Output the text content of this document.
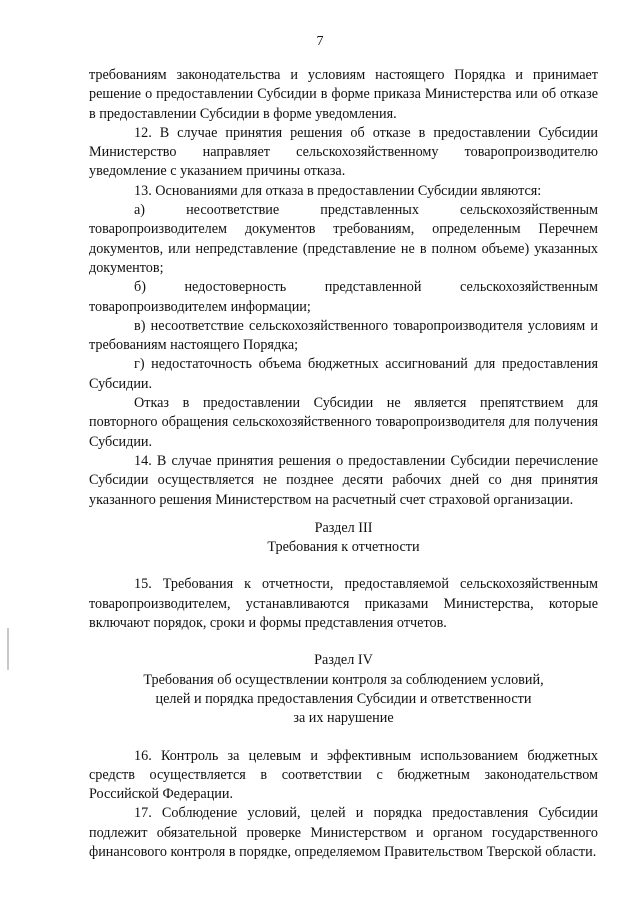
7

требованиям законодательства и условиям настоящего Порядка и принимает решение о предоставлении Субсидии в форме приказа Министерства или об отказе в предоставлении Субсидии в форме уведомления.

12. В случае принятия решения об отказе в предоставлении Субсидии Министерство направляет сельскохозяйственному товаропроизводителю уведомление с указанием причины отказа.

13. Основаниями для отказа в предоставлении Субсидии являются:

а) несоответствие представленных сельскохозяйственным товаропроизводителем документов требованиям, определенным Перечнем документов, или непредставление (представление не в полном объеме) указанных документов;

б) недостоверность представленной сельскохозяйственным товаропроизводителем информации;

в) несоответствие сельскохозяйственного товаропроизводителя условиям и требованиям настоящего Порядка;

г) недостаточность объема бюджетных ассигнований для предоставления Субсидии.

Отказ в предоставлении Субсидии не является препятствием для повторного обращения сельскохозяйственного товаропроизводителя для получения Субсидии.

14. В случае принятия решения о предоставлении Субсидии перечисление Субсидии осуществляется не позднее десяти рабочих дней со дня принятия указанного решения Министерством на расчетный счет страховой организации.

Раздел III

Требования к отчетности

15. Требования к отчетности, предоставляемой сельскохозяйственным товаропроизводителем, устанавливаются приказами Министерства, которые включают порядок, сроки и формы представления отчетов.

Раздел IV

Требования об осуществлении контроля за соблюдением условий,

целей и порядка предоставления Субсидии и ответственности

за их нарушение

16. Контроль за целевым и эффективным использованием бюджетных средств осуществляется в соответствии с бюджетным законодательством Российской Федерации.

17. Соблюдение условий, целей и порядка предоставления Субсидии подлежит обязательной проверке Министерством и органом государственного финансового контроля в порядке, определяемом Правительством Тверской области.
